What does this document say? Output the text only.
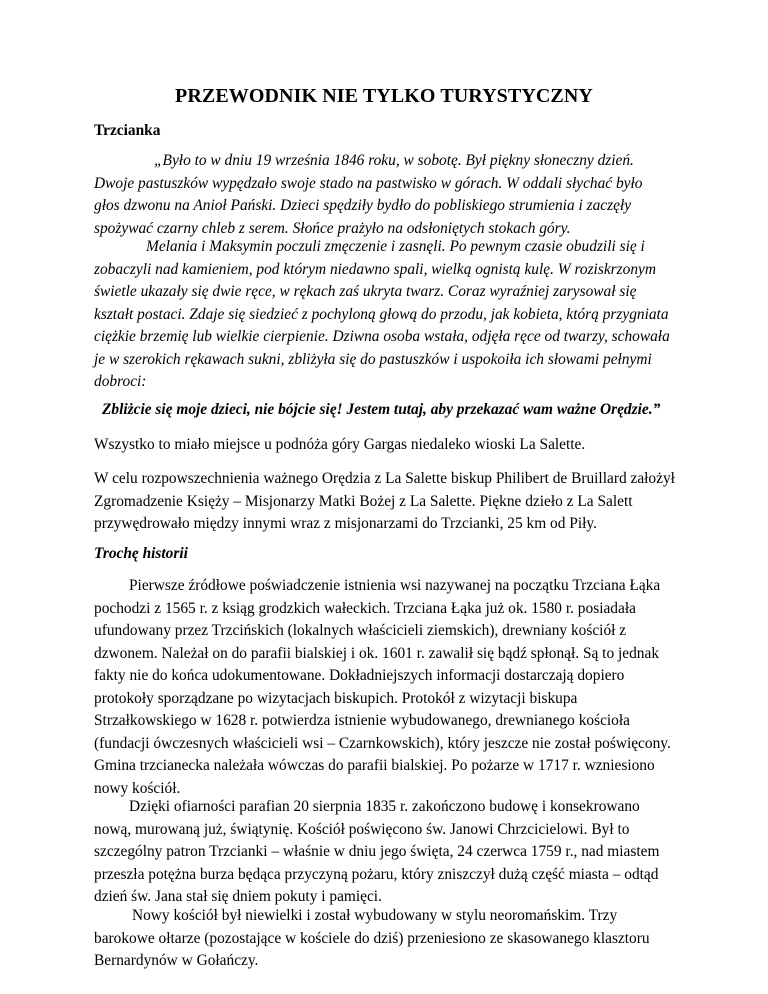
PRZEWODNIK NIE TYLKO TURYSTYCZNY
Trzcianka
„Było to w dniu 19 września 1846 roku, w sobotę. Był piękny słoneczny dzień.
Dwoje pastuszków wypędzało swoje stado na pastwisko w górach. W oddali słychać było
głos dzwonu na Anioł Pański. Dzieci spędziły bydło do pobliskiego strumienia i zaczęły
spożywać czarny chleb z serem. Słońce prażyło na odsłoniętych stokach góry.
Melania i Maksymin poczuli zmęczenie i zasnęli. Po pewnym czasie obudzili się i
zobaczyli nad kamieniem, pod którym niedawno spali, wielką ognistą kulę. W roziskrzonym
świetle ukazały się dwie ręce, w rękach zaś ukryta twarz. Coraz wyraźniej zarysował się
kształt postaci. Zdaje się siedzieć z pochyloną głową do przodu, jak kobieta, którą przygniata
ciężkie brzemię lub wielkie cierpienie. Dziwna osoba wstała, odjęła ręce od twarzy, schowała
je w szerokich rękawach sukni, zbliżyła się do pastuszków i uspokoiła ich słowami pełnymi
dobroci:
Zbliżcie się moje dzieci, nie bójcie się! Jestem tutaj, aby przekazać wam ważne Orędzie.”
Wszystko to miało miejsce u podnóża góry Gargas niedaleko wioski La Salette.
W celu rozpowszechnienia ważnego Orędzia z La Salette biskup Philibert de Bruillard założył
Zgromadzenie Księży – Misjonarzy Matki Bożej z La Salette. Piękne dzieło z La Salett
przywędrowało między innymi wraz z misjonarzami do Trzcianki, 25 km od Piły.
Trochę historii
Pierwsze źródłowe poświadczenie istnienia wsi nazywanej na początku Trzciana Łąka
pochodzi z 1565 r. z ksiąg grodzkich wałeckich. Trzciana Łąka już ok. 1580 r. posiadała
ufundowany przez Trzcińskich (lokalnych właścicieli ziemskich), drewniany kościół z
dzwonem. Należał on do parafii bialskiej i ok. 1601 r. zawalił się bądź spłonął. Są to jednak
fakty nie do końca udokumentowane. Dokładniejszych informacji dostarczają dopiero
protokoły sporządzane po wizytacjach biskupich. Protokół z wizytacji biskupa
Strzałkowskiego w 1628 r. potwierdza istnienie wybudowanego, drewnianego kościoła
(fundacji ówczesnych właścicieli wsi – Czarnkowskich), który jeszcze nie został poświęcony.
Gmina trzcianecka należała wówczas do parafii bialskiej. Po pożarze w 1717 r. wzniesiono
nowy kościół.
Dzięki ofiarności parafian 20 sierpnia 1835 r. zakończono budowę i konsekrowano
nową, murowaną już, świątynię. Kościół poświęcono św. Janowi Chrzcicielowi. Był to
szczególny patron Trzcianki – właśnie w dniu jego święta, 24 czerwca 1759 r., nad miastem
przeszła potężna burza będąca przyczyną pożaru, który zniszczył dużą część miasta – odtąd
dzień św. Jana stał się dniem pokuty i pamięci.
Nowy kościół był niewielki i został wybudowany w stylu neoromańskim. Trzy
barokowe ołtarze (pozostające w kościele do dziś) przeniesiono ze skasowanego klasztoru
Bernardynów w Gołańczy.
